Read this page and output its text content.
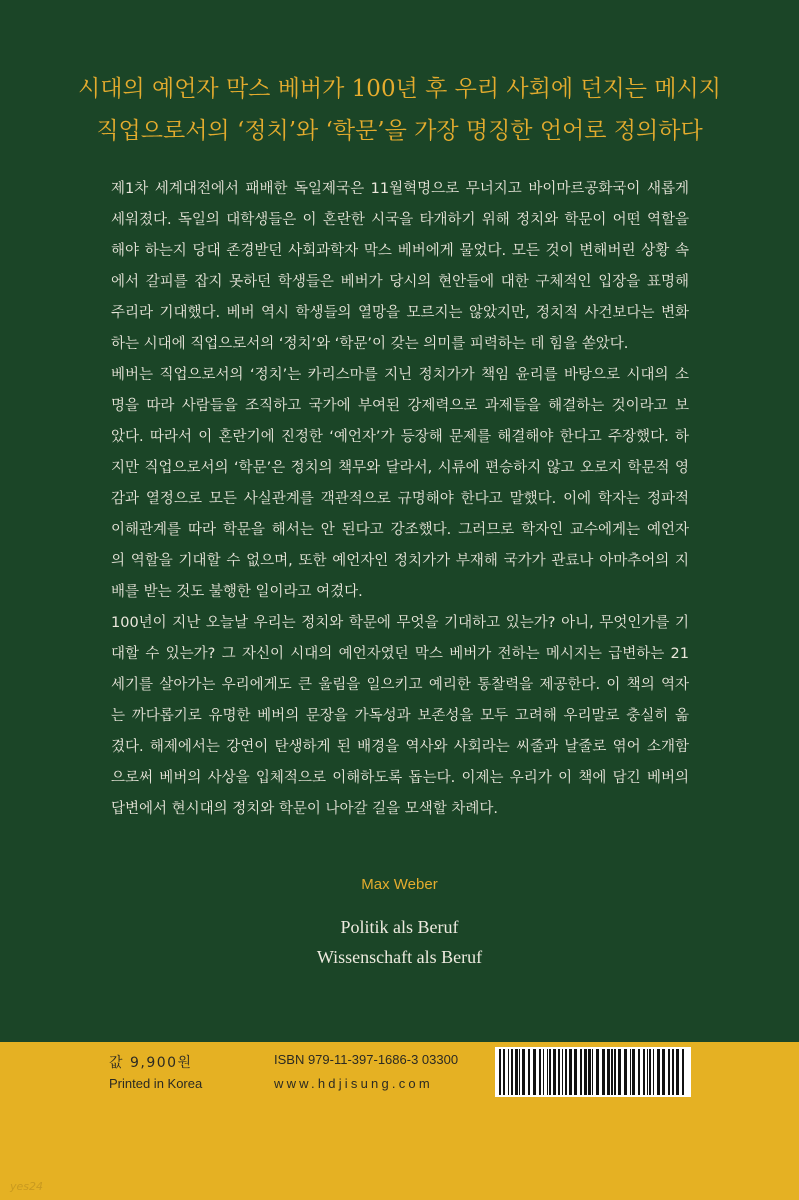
시대의 예언자 막스 베버가 100년 후 우리 사회에 던지는 메시지
직업으로서의 ‘정치’와 ‘학문’을 가장 명징한 언어로 정의하다
제1차 세계대전에서 패배한 독일제국은 11월혁명으로 무너지고 바이마르공화국이 새롭게
세워졌다. 독일의 대학생들은 이 혼란한 시국을 타개하기 위해 정치와 학문이 어떤 역할을
해야 하는지 당대 존경받던 사회과학자 막스 베버에게 물었다. 모든 것이 변해버린 상황 속
에서 갈피를 잡지 못하던 학생들은 베버가 당시의 현안들에 대한 구체적인 입장을 표명해
주리라 기대했다. 베버 역시 학생들의 열망을 모르지는 않았지만, 정치적 사건보다는 변화
하는 시대에 직업으로서의 ‘정치’와 ‘학문’이 갖는 의미를 피력하는 데 힘을 쏟았다.
베버는 직업으로서의 ‘정치’는 카리스마를 지닌 정치가가 책임 윤리를 바탕으로 시대의 소
명을 따라 사람들을 조직하고 국가에 부여된 강제력으로 과제들을 해결하는 것이라고 보
았다. 따라서 이 혼란기에 진정한 ‘예언자’가 등장해 문제를 해결해야 한다고 주장했다. 하
지만 직업으로서의 ‘학문’은 정치의 책무와 달라서, 시류에 편승하지 않고 오로지 학문적 영
감과 열정으로 모든 사실관계를 객관적으로 규명해야 한다고 말했다. 이에 학자는 정파적
이해관계를 따라 학문을 해서는 안 된다고 강조했다. 그러므로 학자인 교수에게는 예언자
의 역할을 기대할 수 없으며, 또한 예언자인 정치가가 부재해 국가가 관료나 아마추어의 지
배를 받는 것도 불행한 일이라고 여겼다.
100년이 지난 오늘날 우리는 정치와 학문에 무엇을 기대하고 있는가? 아니, 무엇인가를 기
대할 수 있는가? 그 자신이 시대의 예언자였던 막스 베버가 전하는 메시지는 급변하는 21
세기를 살아가는 우리에게도 큰 울림을 일으키고 예리한 통찰력을 제공한다. 이 책의 역자
는 까다롭기로 유명한 베버의 문장을 가독성과 보존성을 모두 고려해 우리말로 충실히 옮
겼다. 해제에서는 강연이 탄생하게 된 배경을 역사와 사회라는 씨줄과 날줄로 엮어 소개함
으로써 베버의 사상을 입체적으로 이해하도록 돕는다. 이제는 우리가 이 책에 담긴 베버의
답변에서 현시대의 정치와 학문이 나아갈 길을 모색할 차례다.
Max Weber
Politik als Beruf
Wissenschaft als Beruf
값 9,900원
Printed in Korea
ISBN 979-11-397-1686-3 03300
www.hdjisung.com
yes24
